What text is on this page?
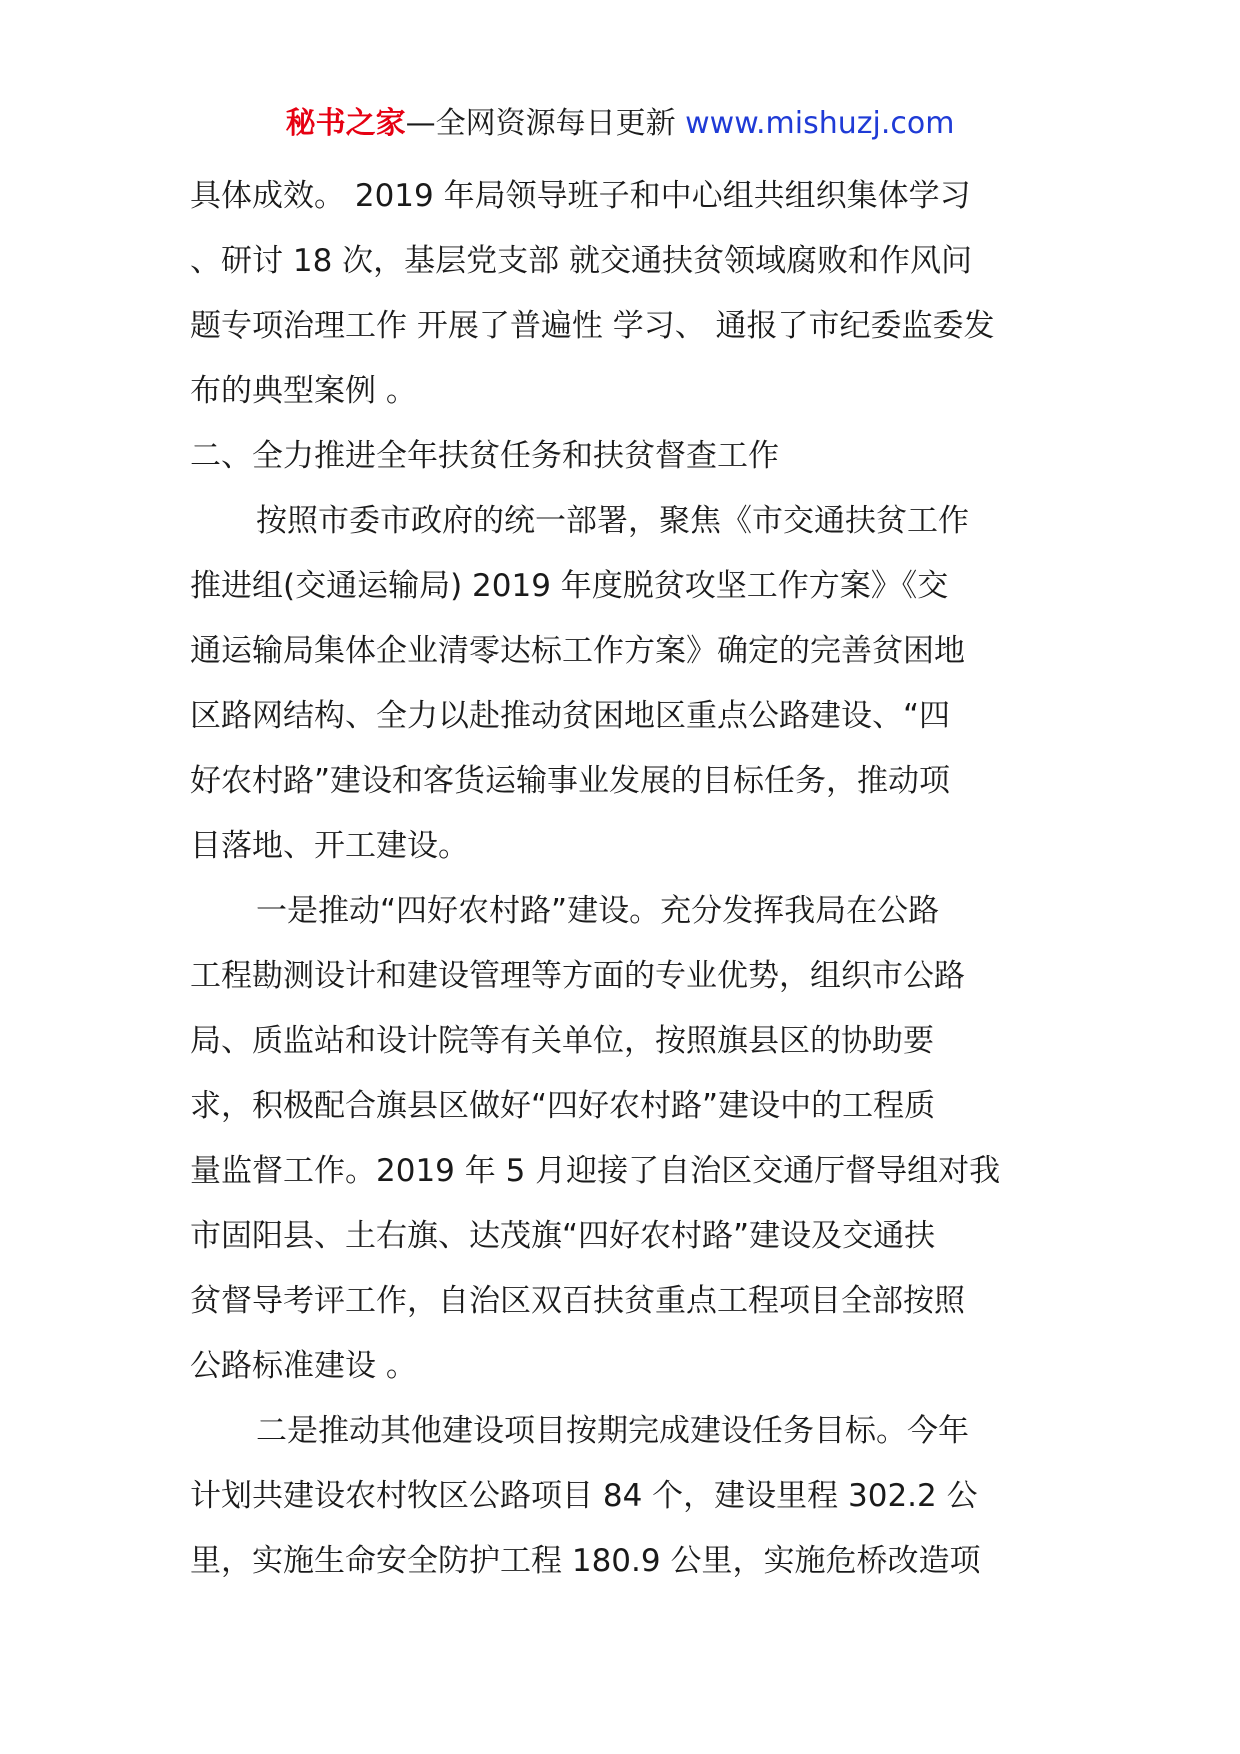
秘书之家—全网资源每日更新 www.mishuzj.com
具体成效。 2019 年局领导班子和中心组共组织集体学习
、研讨 18 次，基层党支部 就交通扶贫领域腐败和作风问
题专项治理工作 开展了普遍性 学习、 通报了市纪委监委发
布的典型案例 。
二、全力推进全年扶贫任务和扶贫督查工作
按照市委市政府的统一部署，聚焦《市交通扶贫工作
推进组(交通运输局) 2019 年度脱贫攻坚工作方案》《交
通运输局集体企业清零达标工作方案》确定的完善贫困地
区路网结构、全力以赴推动贫困地区重点公路建设、“四
好农村路”建设和客货运输事业发展的目标任务，推动项
目落地、开工建设。
一是推动“四好农村路”建设。充分发挥我局在公路
工程勘测设计和建设管理等方面的专业优势，组织市公路
局、质监站和设计院等有关单位，按照旗县区的协助要
求，积极配合旗县区做好“四好农村路”建设中的工程质
量监督工作。2019 年 5 月迎接了自治区交通厅督导组对我
市固阳县、土右旗、达茂旗“四好农村路”建设及交通扶
贫督导考评工作，自治区双百扶贫重点工程项目全部按照
公路标准建设 。
二是推动其他建设项目按期完成建设任务目标。今年
计划共建设农村牧区公路项目 84 个，建设里程 302.2 公
里，实施生命安全防护工程 180.9 公里，实施危桥改造项
